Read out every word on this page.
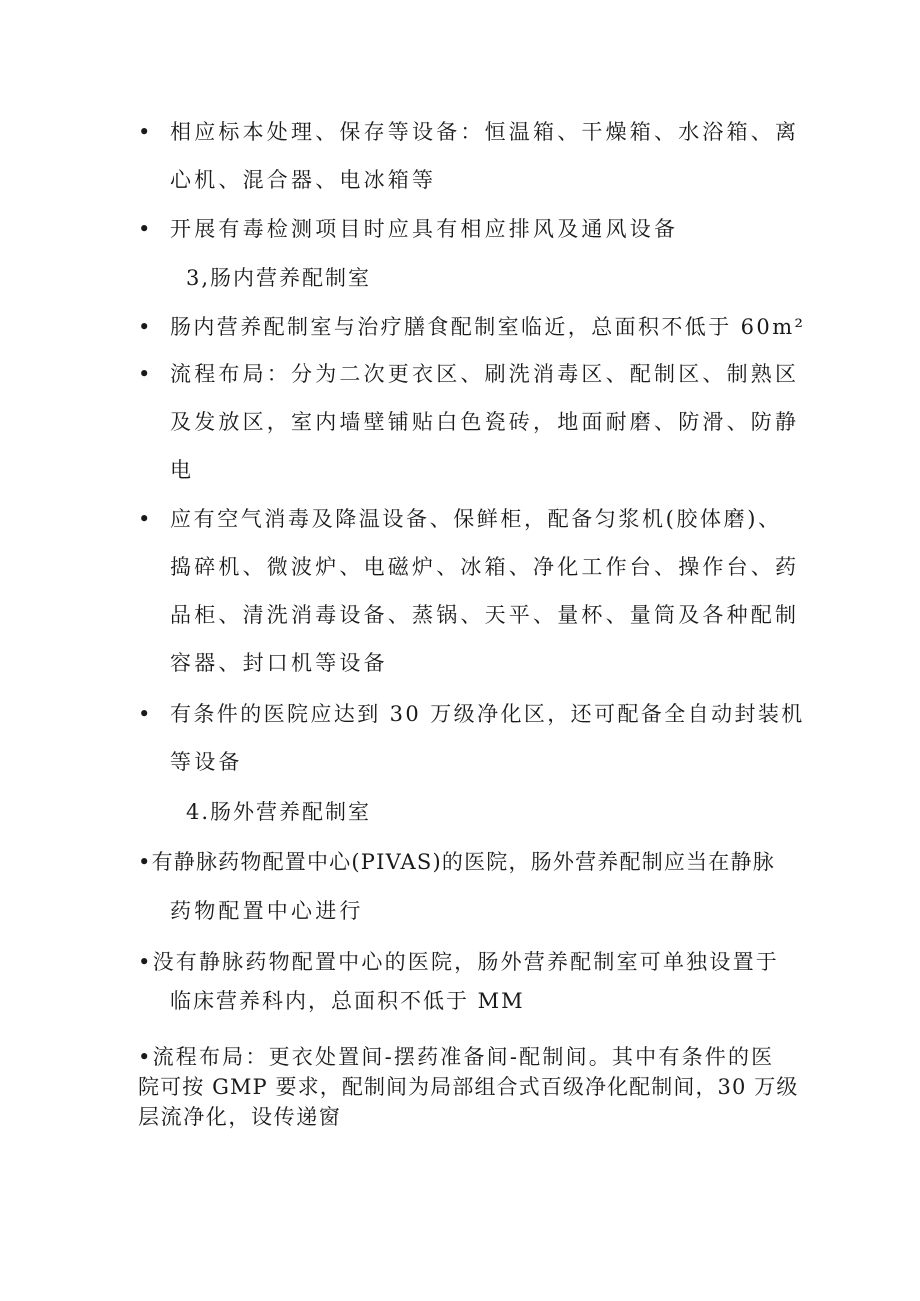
• 相应标本处理、保存等设备：恒温箱、干燥箱、水浴箱、离
心机、混合器、电冰箱等
• 开展有毒检测项目时应具有相应排风及通风设备
3,肠内营养配制室
• 肠内营养配制室与治疗膳食配制室临近，总面积不低于 60m²
• 流程布局：分为二次更衣区、刷洗消毒区、配制区、制熟区
及发放区，室内墙壁铺贴白色瓷砖，地面耐磨、防滑、防静
电
• 应有空气消毒及降温设备、保鲜柜，配备匀浆机(胶体磨)、
捣碎机、微波炉、电磁炉、冰箱、净化工作台、操作台、药
品柜、清洗消毒设备、蒸锅、天平、量杯、量筒及各种配制
容器、封口机等设备
• 有条件的医院应达到 30 万级净化区，还可配备全自动封装机
等设备
4.肠外营养配制室
•有静脉药物配置中心(PIVAS)的医院，肠外营养配制应当在静脉
药物配置中心进行
•没有静脉药物配置中心的医院，肠外营养配制室可单独设置于
临床营养科内，总面积不低于 MM
•流程布局：更衣处置间-摆药准备间-配制间。其中有条件的医
院可按 GMP 要求，配制间为局部组合式百级净化配制间，30 万级
层流净化，设传递窗
